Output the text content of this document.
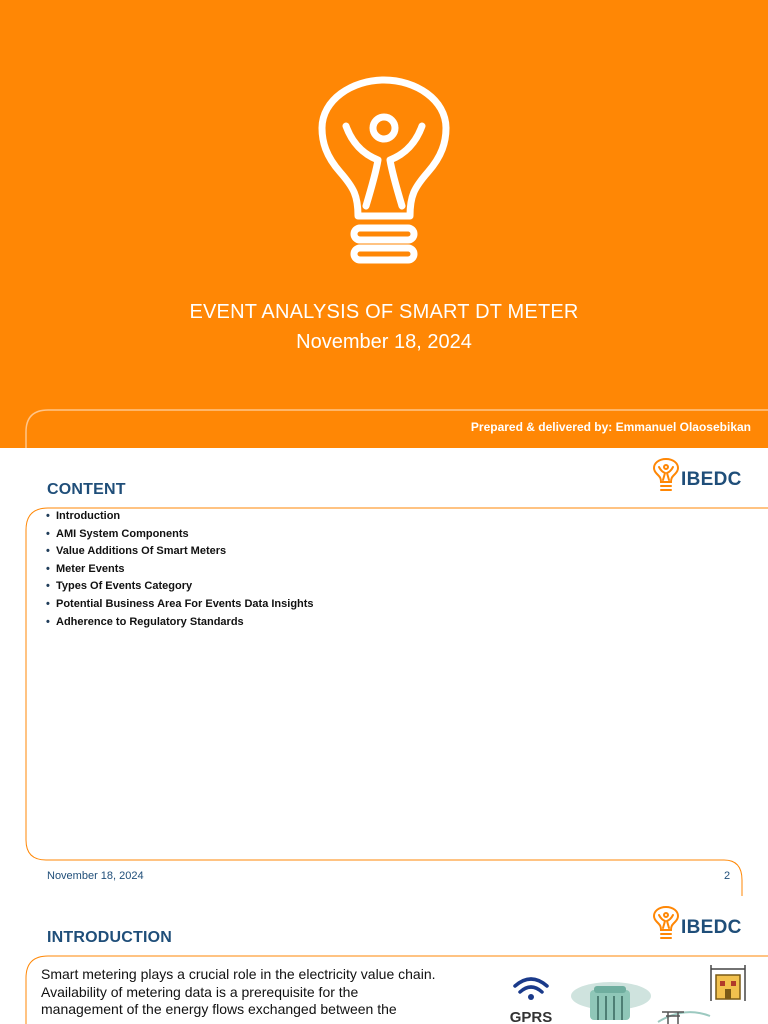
EVENT ANALYSIS OF SMART DT METER
November 18, 2024
Prepared & delivered by: Emmanuel Olaosebikan
CONTENT	IBEDC
• Introduction
• AMI System Components
• Value Additions Of Smart Meters
• Meter Events
• Types Of Events Category
• Potential Business Area For Events Data Insights
• Adherence to Regulatory Standards
November 18, 2024	2
INTRODUCTION	IBEDC
Smart metering plays a crucial role in the electricity value chain. Availability of metering data is a prerequisite for the management of the energy flows exchanged between the	GPRS
